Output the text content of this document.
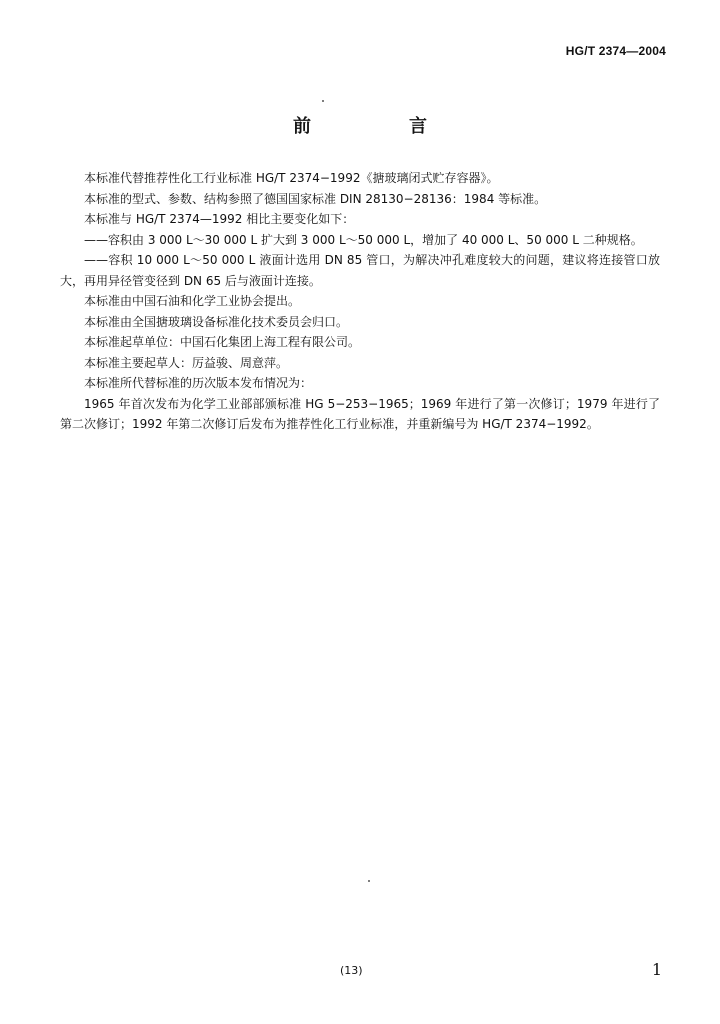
HG/T 2374—2004
前　言

本标准代替推荐性化工行业标准 HG/T 2374−1992《搪玻璃闭式贮存容器》。

本标准的型式、参数、结构参照了德国国家标准 DIN 28130−28136：1984 等标准。

本标准与 HG/T 2374—1992 相比主要变化如下：

——容积由 3 000 L～30 000 L 扩大到 3 000 L～50 000 L，增加了 40 000 L、50 000 L 二种规格。

——容积 10 000 L～50 000 L 液面计选用 DN 85 管口，为解决冲孔难度较大的问题，建议将连接管口放大，再用异径管变径到 DN 65 后与液面计连接。

本标准由中国石油和化学工业协会提出。

本标准由全国搪玻璃设备标准化技术委员会归口。

本标准起草单位：中国石化集团上海工程有限公司。

本标准主要起草人：厉益骏、周意萍。

本标准所代替标准的历次版本发布情况为：

1965 年首次发布为化学工业部部颁标准 HG 5−253−1965；1969 年进行了第一次修订；1979 年进行了第二次修订；1992 年第二次修订后发布为推荐性化工行业标准，并重新编号为 HG/T 2374−1992。

(13)	1
